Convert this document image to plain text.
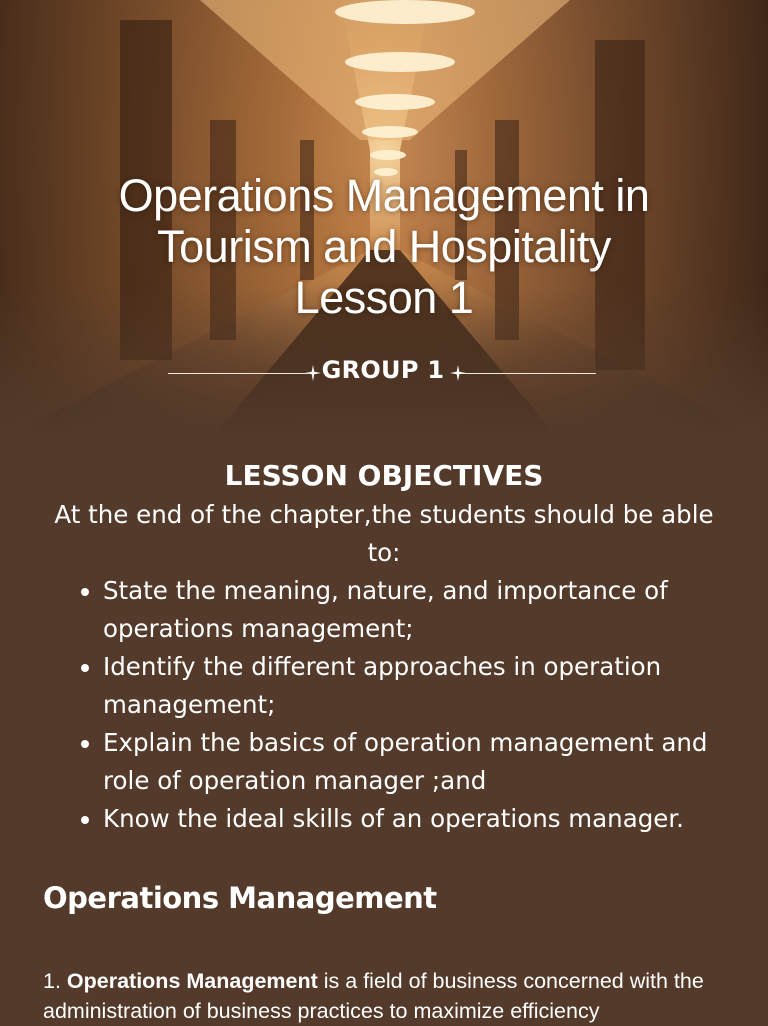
Operations Management in
Tourism and Hospitality
Lesson 1
GROUP 1
LESSON OBJECTIVES

At the end of the chapter,the students should be able to:

State the meaning, nature, and importance of operations management;
Identify the different approaches in operation management;
Explain the basics of operation management and role of operation manager ;and
Know the ideal skills of an operations manager.
Operations Management

1. Operations Management is a field of business concerned with the administration of business practices to maximize efficiency
